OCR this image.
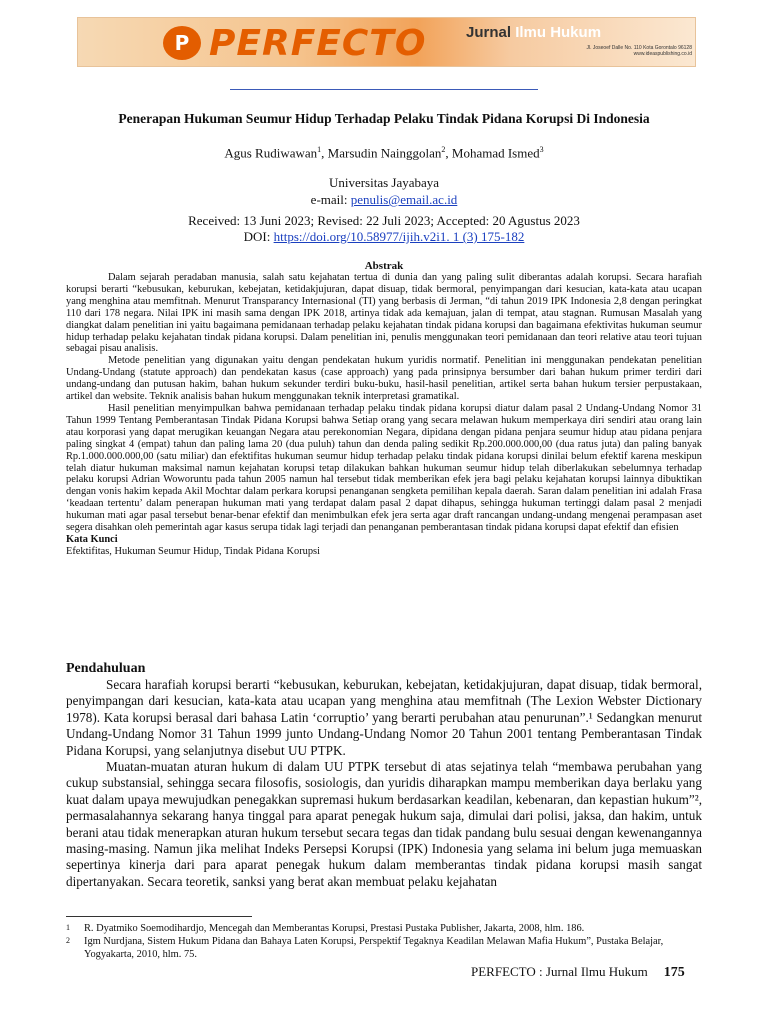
P PERFECTO	Jurnal Ilmu Hukum
Jl. Joseoef Dalle No. 110 Kota Gorontalo 96128 www.ideaspublishing.co.id
Penerapan Hukuman Seumur Hidup Terhadap Pelaku Tindak Pidana Korupsi Di Indonesia
Agus Rudiwawan$^1$, Marsudin Nainggolan$^2$, Mohamad Ismed$^3$
Universitas Jayabaya
e-mail: penulis@email.ac.id
Received: 13 Juni 2023; Revised: 22 Juli 2023; Accepted: 20 Agustus 2023
DOI: https://doi.org/10.58977/ijih.v2i1. 1 (3) 175-182
Abstrak

Dalam sejarah peradaban manusia, salah satu kejahatan tertua di dunia dan yang paling sulit diberantas adalah korupsi. Secara harafiah korupsi berarti “kebusukan, keburukan, kebejatan, ketidakjujuran, dapat disuap, tidak bermoral, penyimpangan dari kesucian, kata-kata atau ucapan yang menghina atau memfitnah. Menurut Transparancy Internasional (TI) yang berbasis di Jerman, “di tahun 2019 IPK Indonesia 2,8 dengan peringkat 110 dari 178 negara. Nilai IPK ini masih sama dengan IPK 2018, artinya tidak ada kemajuan, jalan di tempat, atau stagnan. Rumusan Masalah yang diangkat dalam penelitian ini yaitu bagaimana pemidanaan terhadap pelaku kejahatan tindak pidana korupsi dan bagaimana efektivitas hukuman seumur hidup terhadap pelaku kejahatan tindak pidana korupsi. Dalam penelitian ini, penulis menggunakan teori pemidanaan dan teori relative atau teori tujuan sebagai pisau analisis.

Metode penelitian yang digunakan yaitu dengan pendekatan hukum yuridis normatif. Penelitian ini menggunakan pendekatan penelitian Undang-Undang (statute approach) dan pendekatan kasus (case approach) yang pada prinsipnya bersumber dari bahan hukum primer terdiri dari undang-undang dan putusan hakim, bahan hukum sekunder terdiri buku-buku, hasil-hasil penelitian, artikel serta bahan hukum tersier perpustakaan, artikel dan website. Teknik analisis bahan hukum menggunakan teknik interpretasi gramatikal.

Hasil penelitian menyimpulkan bahwa pemidanaan terhadap pelaku tindak pidana korupsi diatur dalam pasal 2 Undang-Undang Nomor 31 Tahun 1999 Tentang Pemberantasan Tindak Pidana Korupsi bahwa Setiap orang yang secara melawan hukum memperkaya diri sendiri atau orang lain atau korporasi yang dapat merugikan keuangan Negara atau perekonomian Negara, dipidana dengan pidana penjara seumur hidup atau pidana penjara paling singkat 4 (empat) tahun dan paling lama 20 (dua puluh) tahun dan denda paling sedikit Rp.200.000.000,00 (dua ratus juta) dan paling banyak Rp.1.000.000.000,00 (satu miliar) dan efektifitas hukuman seumur hidup terhadap pelaku tindak pidana korupsi dinilai belum efektif karena meskipun telah diatur hukuman maksimal namun kejahatan korupsi tetap dilakukan bahkan hukuman seumur hidup telah diberlakukan sebelumnya terhadap pelaku korupsi Adrian Woworuntu pada tahun 2005 namun hal tersebut tidak memberikan efek jera bagi pelaku kejahatan korupsi lainnya dibuktikan dengan vonis hakim kepada Akil Mochtar dalam perkara korupsi penanganan sengketa pemilihan kepala daerah. Saran dalam penelitian ini adalah Frasa ‘keadaan tertentu’ dalam penerapan hukuman mati yang terdapat dalam pasal 2 dapat dihapus, sehingga hukuman tertinggi dalam pasal 2 menjadi hukuman mati agar pasal tersebut benar-benar efektif dan menimbulkan efek jera serta agar draft rancangan undang-undang mengenai perampasan aset segera disahkan oleh pemerintah agar kasus serupa tidak lagi terjadi dan penanganan pemberantasan tindak pidana korupsi dapat efektif dan efisien

Kata Kunci

Efektifitas, Hukuman Seumur Hidup, Tindak Pidana Korupsi

Pendahuluan

Secara harafiah korupsi berarti “kebusukan, keburukan, kebejatan, ketidakjujuran, dapat disuap, tidak bermoral, penyimpangan dari kesucian, kata-kata atau ucapan yang menghina atau memfitnah (The Lexion Webster Dictionary 1978). Kata korupsi berasal dari bahasa Latin ‘corruptio’ yang berarti perubahan atau penurunan”.¹ Sedangkan menurut Undang-Undang Nomor 31 Tahun 1999 junto Undang-Undang Nomor 20 Tahun 2001 tentang Pemberantasan Tindak Pidana Korupsi, yang selanjutnya disebut UU PTPK.

Muatan-muatan aturan hukum di dalam UU PTPK tersebut di atas sejatinya telah “membawa perubahan yang cukup substansial, sehingga secara filosofis, sosiologis, dan yuridis diharapkan mampu memberikan daya berlaku yang kuat dalam upaya mewujudkan penegakkan supremasi hukum berdasarkan keadilan, kebenaran, dan kepastian hukum”², permasalahannya sekarang hanya tinggal para aparat penegak hukum saja, dimulai dari polisi, jaksa, dan hakim, untuk berani atau tidak menerapkan aturan hukum tersebut secara tegas dan tidak pandang bulu sesuai dengan kewenangannya masing-masing. Namun jika melihat Indeks Persepsi Korupsi (IPK) Indonesia yang selama ini belum juga memuaskan sepertinya kinerja dari para aparat penegak hukum dalam memberantas tindak pidana korupsi masih sangat dipertanyakan. Secara teoretik, sanksi yang berat akan membuat pelaku kejahatan

1 R. Dyatmiko Soemodihardjo, Mencegah dan Memberantas Korupsi, Prestasi Pustaka Publisher, Jakarta, 2008, hlm. 186.
2 Igm Nurdjana, Sistem Hukum Pidana dan Bahaya Laten Korupsi, Perspektif Tegaknya Keadilan Melawan Mafia Hukum”, Pustaka Belajar, Yogyakarta, 2010, hlm. 75.
PERFECTO : Jurnal Ilmu Hukum 175
